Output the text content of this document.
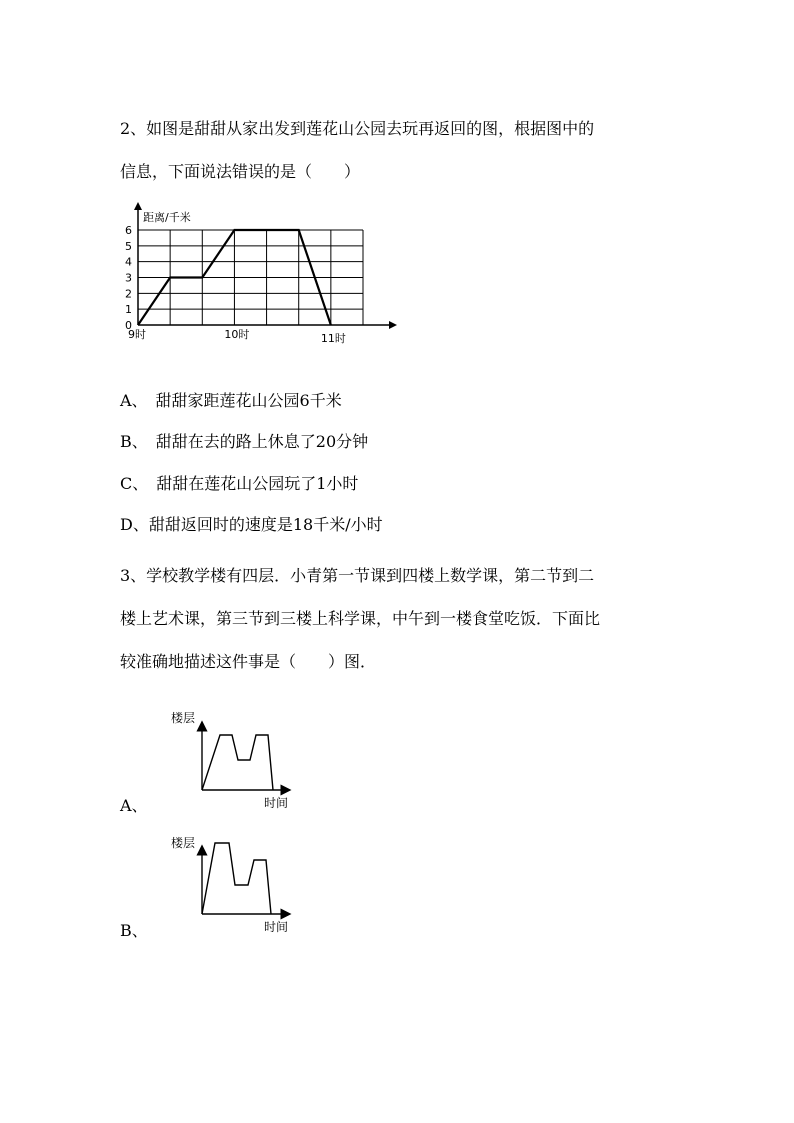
2、如图是甜甜从家出发到莲花山公园去玩再返回的图，根据图中的
信息，下面说法错误的是（　　）
0
1
2
3
4
5
6
9时	10时	11时
距离/千米
A、　甜甜家距莲花山公园6千米
B、　甜甜在去的路上休息了20分钟
C、　甜甜在莲花山公园玩了1小时
D、甜甜返回时的速度是18千米/小时
3、学校教学楼有四层．小青第一节课到四楼上数学课，第二节到二
楼上艺术课，第三节到三楼上科学课，中午到一楼食堂吃饭．下面比
较准确地描述这件事是（　　）图．
A、
楼层
时间
B、
楼层
时间
